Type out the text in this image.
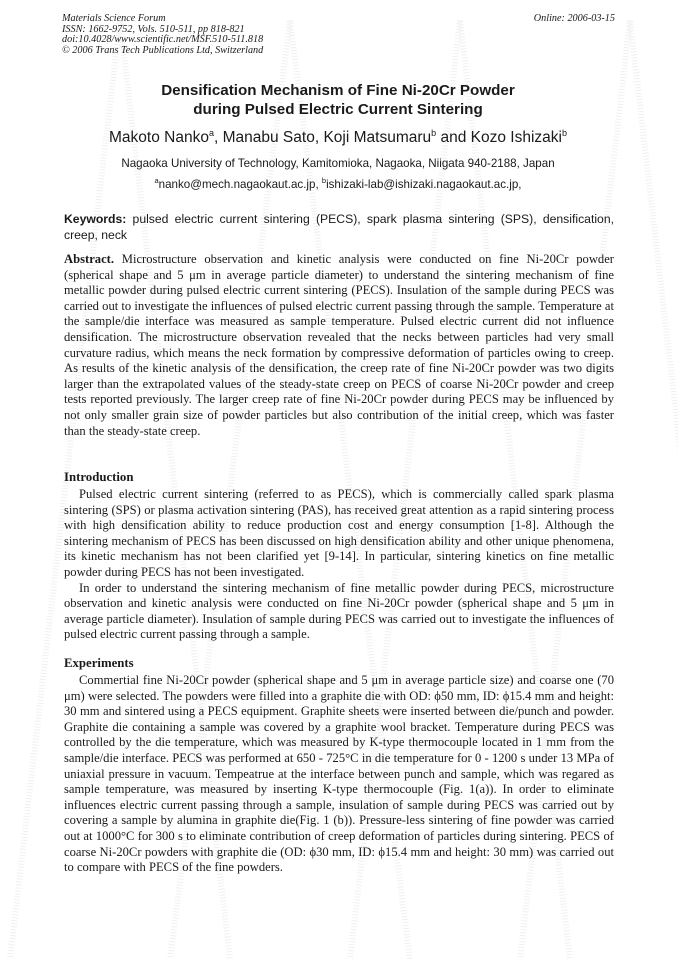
Materials Science Forum
ISSN: 1662-9752, Vols. 510-511, pp 818-821
doi:10.4028/www.scientific.net/MSF.510-511.818
© 2006 Trans Tech Publications Ltd, Switzerland
Online: 2006-03-15
Densification Mechanism of Fine Ni-20Cr Powder
during Pulsed Electric Current Sintering
Makoto Nanko$^a$, Manabu Sato, Koji Matsumaru$^b$ and Kozo Ishizaki$^b$
Nagaoka University of Technology, Kamitomioka, Nagaoka, Niigata 940-2188, Japan
$^a$nanko@mech.nagaokaut.ac.jp, $^b$ishizaki-lab@ishizaki.nagaokaut.ac.jp,
Keywords: pulsed electric current sintering (PECS), spark plasma sintering (SPS), densification, creep, neck

Abstract. Microstructure observation and kinetic analysis were conducted on fine Ni-20Cr powder (spherical shape and 5 μm in average particle diameter) to understand the sintering mechanism of fine metallic powder during pulsed electric current sintering (PECS). Insulation of the sample during PECS was carried out to investigate the influences of pulsed electric current passing through the sample. Temperature at the sample/die interface was measured as sample temperature. Pulsed electric current did not influence densification. The microstructure observation revealed that the necks between particles had very small curvature radius, which means the neck formation by compressive deformation of particles owing to creep. As results of the kinetic analysis of the densification, the creep rate of fine Ni-20Cr powder was two digits larger than the extrapolated values of the steady-state creep on PECS of coarse Ni-20Cr powder and creep tests reported previously. The larger creep rate of fine Ni-20Cr powder during PECS may be influenced by not only smaller grain size of powder particles but also contribution of the initial creep, which was faster than the steady-state creep.

Introduction

Pulsed electric current sintering (referred to as PECS), which is commercially called spark plasma sintering (SPS) or plasma activation sintering (PAS), has received great attention as a rapid sintering process with high densification ability to reduce production cost and energy consumption [1-8]. Although the sintering mechanism of PECS has been discussed on high densification ability and other unique phenomena, its kinetic mechanism has not been clarified yet [9-14]. In particular, sintering kinetics on fine metallic powder during PECS has not been investigated.

In order to understand the sintering mechanism of fine metallic powder during PECS, microstructure observation and kinetic analysis were conducted on fine Ni-20Cr powder (spherical shape and 5 μm in average particle diameter). Insulation of sample during PECS was carried out to investigate the influences of pulsed electric current passing through a sample.

Experiments

Commertial fine Ni-20Cr powder (spherical shape and 5 μm in average particle size) and coarse one (70 μm) were selected. The powders were filled into a graphite die with OD: ϕ50 mm, ID: ϕ15.4 mm and height: 30 mm and sintered using a PECS equipment. Graphite sheets were inserted between die/punch and powder. Graphite die containing a sample was covered by a graphite wool bracket. Temperature during PECS was controlled by the die temperature, which was measured by K-type thermocouple located in 1 mm from the sample/die interface. PECS was performed at 650 - 725°C in die temperature for 0 - 1200 s under 13 MPa of uniaxial pressure in vacuum. Tempeatrue at the interface between punch and sample, which was regared as sample temperature, was measured by inserting K-type thermocouple (Fig. 1(a)). In order to eliminate influences electric current passing through a sample, insulation of sample during PECS was carried out by covering a sample by alumina in graphite die(Fig. 1 (b)). Pressure-less sintering of fine powder was carried out at 1000°C for 300 s to eliminate contribution of creep deformation of particles during sintering. PECS of coarse Ni-20Cr powders with graphite die (OD: ϕ30 mm, ID: ϕ15.4 mm and height: 30 mm) was carried out to compare with PECS of the fine powders.
